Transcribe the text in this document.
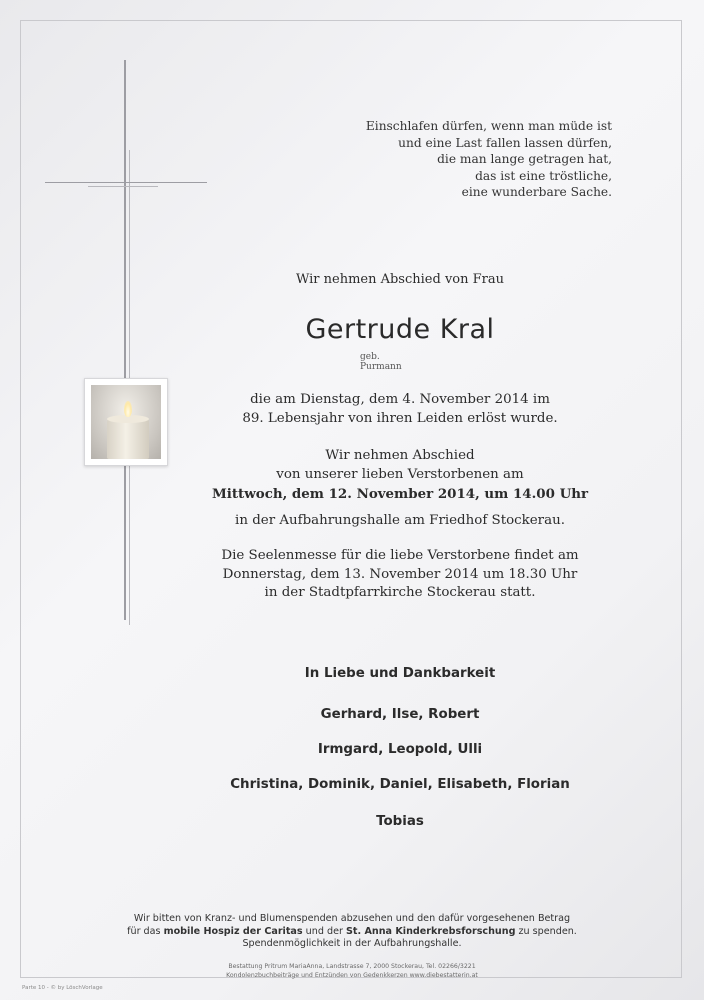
Einschlafen dürfen, wenn man müde ist
und eine Last fallen lassen dürfen,
die man lange getragen hat,
das ist eine tröstliche,
eine wunderbare Sache.
Wir nehmen Abschied von Frau
Gertrude Kral
geb. Purmann
die am Dienstag, dem 4. November 2014 im
89. Lebensjahr von ihren Leiden erlöst wurde.
Wir nehmen Abschied
von unserer lieben Verstorbenen am
Mittwoch, dem 12. November 2014, um 14.00 Uhr
in der Aufbahrungshalle am Friedhof Stockerau.
Die Seelenmesse für die liebe Verstorbene findet am
Donnerstag, dem 13. November 2014 um 18.30 Uhr
in der Stadtpfarrkirche Stockerau statt.
In Liebe und Dankbarkeit
Gerhard, Ilse, Robert
Irmgard, Leopold, Ulli
Christina, Dominik, Daniel, Elisabeth, Florian
Tobias
Wir bitten von Kranz- und Blumenspenden abzusehen und den dafür vorgesehenen Betrag
für das mobile Hospiz der Caritas und der St. Anna Kinderkrebsforschung zu spenden.
Spendenmöglichkeit in der Aufbahrungshalle.
Bestattung Pritrum MariaAnna, Landstrasse 7, 2000 Stockerau, Tel. 02266/3221
Kondolenzbuchbeiträge und Entzünden von Gedenkkerzen www.diebestatterin.at
Parte 10 - © by LöschVorlage
